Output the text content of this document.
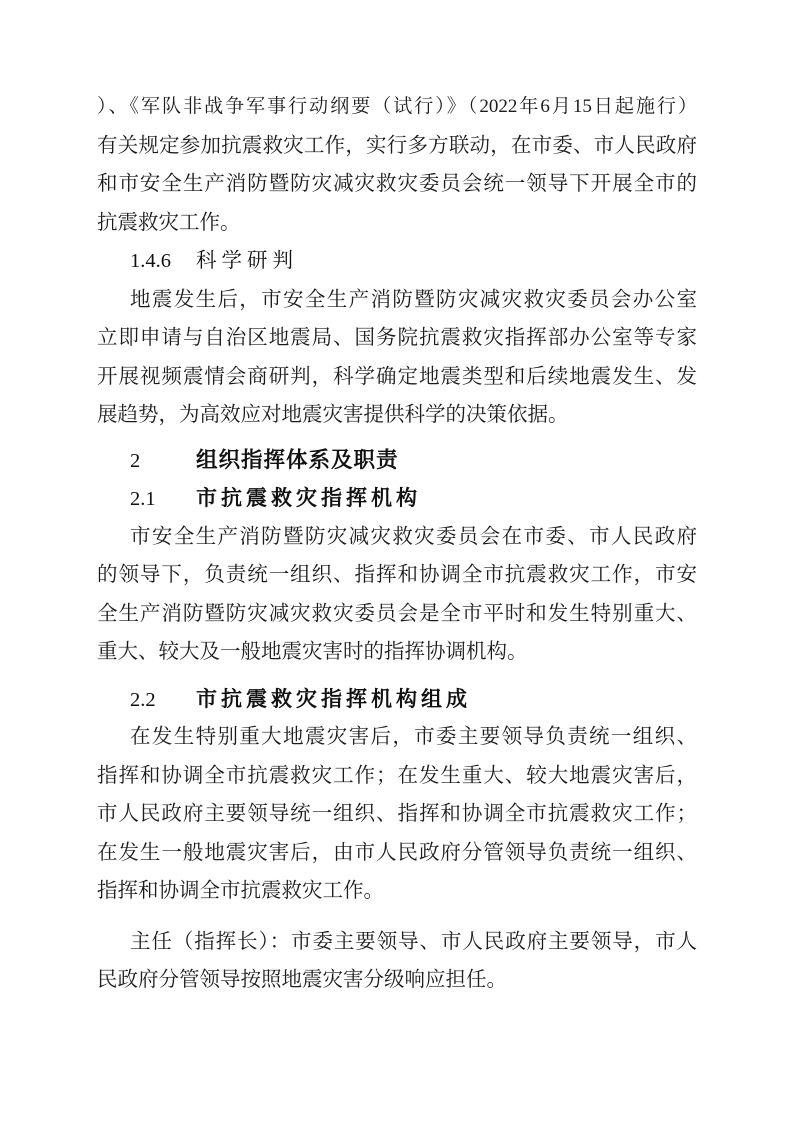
）、《军队非战争军事行动纲要（试行）》（2022年6月15日起施行）
有关规定参加抗震救灾工作，实行多方联动，在市委、市人民政府
和市安全生产消防暨防灾减灾救灾委员会统一领导下开展全市的
抗震救灾工作。
1.4.6 科学研判
地震发生后，市安全生产消防暨防灾减灾救灾委员会办公室
立即申请与自治区地震局、国务院抗震救灾指挥部办公室等专家
开展视频震情会商研判，科学确定地震类型和后续地震发生、发
展趋势，为高效应对地震灾害提供科学的决策依据。
2	组织指挥体系及职责
2.1 市抗震救灾指挥机构
市安全生产消防暨防灾减灾救灾委员会在市委、市人民政府
的领导下，负责统一组织、指挥和协调全市抗震救灾工作，市安
全生产消防暨防灾减灾救灾委员会是全市平时和发生特别重大、
重大、较大及一般地震灾害时的指挥协调机构。
2.2 市抗震救灾指挥机构组成
在发生特别重大地震灾害后，市委主要领导负责统一组织、
指挥和协调全市抗震救灾工作；在发生重大、较大地震灾害后，
市人民政府主要领导统一组织、指挥和协调全市抗震救灾工作；
在发生一般地震灾害后，由市人民政府分管领导负责统一组织、
指挥和协调全市抗震救灾工作。
主任（指挥长）：市委主要领导、市人民政府主要领导，市人
民政府分管领导按照地震灾害分级响应担任。
